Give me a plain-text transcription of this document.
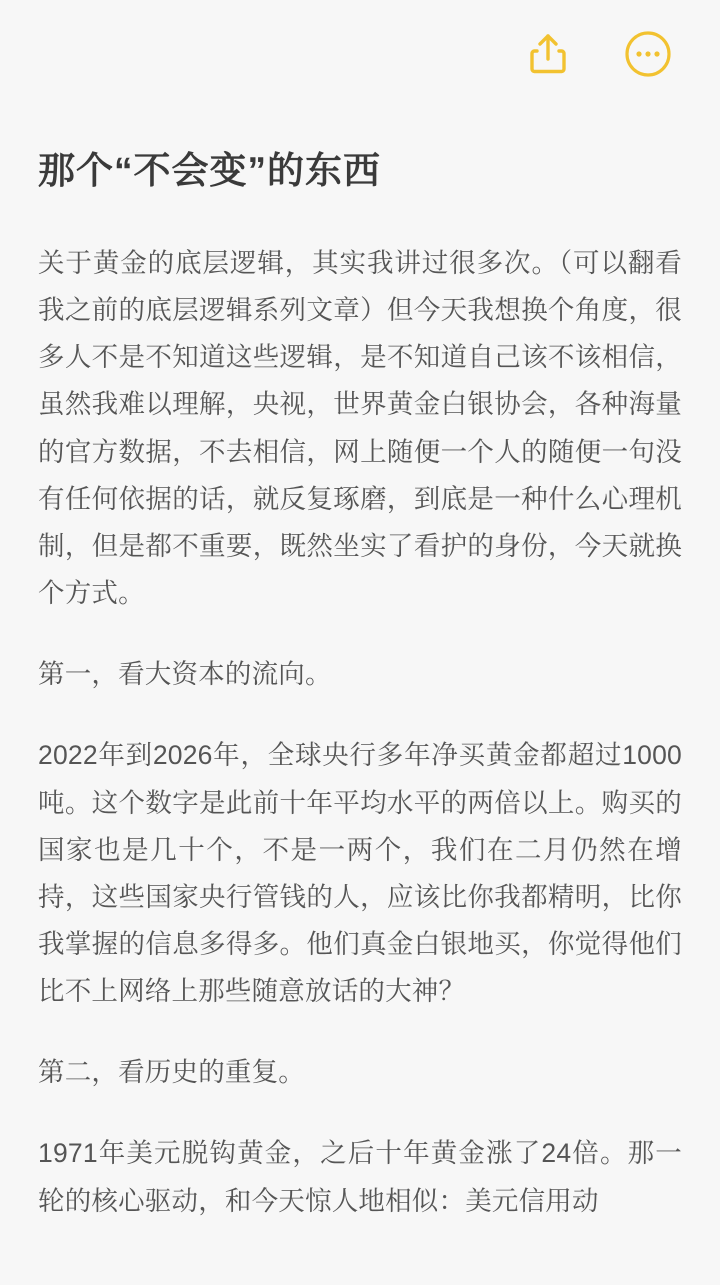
那个“不会变”的东西

关于黄金的底层逻辑，其实我讲过很多次。（可以翻看我之前的底层逻辑系列文章）但今天我想换个角度，很多人不是不知道这些逻辑，是不知道自己该不该相信，虽然我难以理解，央视，世界黄金白银协会，各种海量的官方数据，不去相信，网上随便一个人的随便一句没有任何依据的话，就反复琢磨，到底是一种什么心理机制，但是都不重要，既然坐实了看护的身份，今天就换个方式。

第一，看大资本的流向。

2022年到2026年，全球央行多年净买黄金都超过1000吨。这个数字是此前十年平均水平的两倍以上。购买的国家也是几十个，不是一两个，我们在二月仍然在增持，这些国家央行管钱的人，应该比你我都精明，比你我掌握的信息多得多。他们真金白银地买，你觉得他们比不上网络上那些随意放话的大神？

第二，看历史的重复。

1971年美元脱钩黄金，之后十年黄金涨了24倍。那一轮的核心驱动，和今天惊人地相似：美元信用动
